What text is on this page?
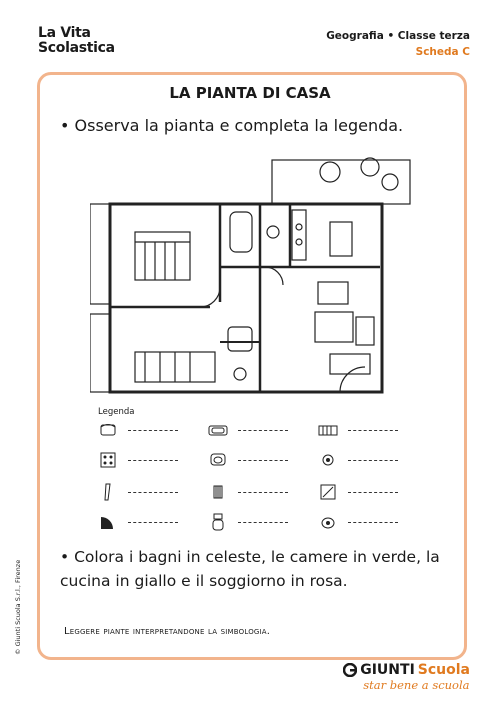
La Vita
Scolastica
Geografia • Classe terza
Scheda C
LA PIANTA DI CASA
• Osserva la pianta e completa la legenda.
Legenda
• Colora i bagni in celeste, le camere in verde, la cucina in giallo e il soggiorno in rosa.
Leggere piante interpretandone la simbologia.
© Giunti Scuola S.r.l., Firenze
GIUNTI Scuola
star bene a scuola
